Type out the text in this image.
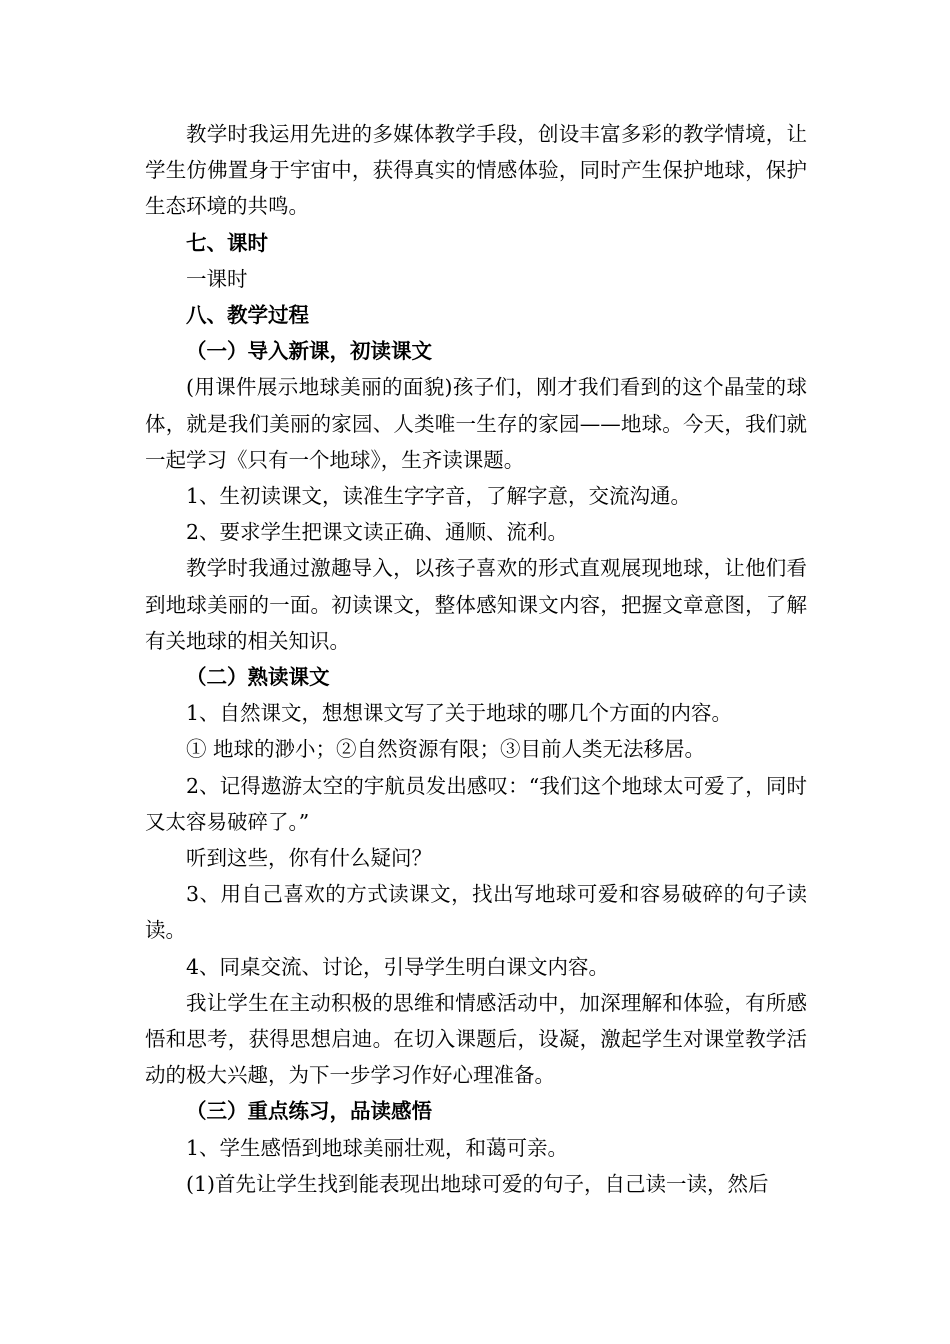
教学时我运用先进的多媒体教学手段，创设丰富多彩的教学情境，让学生仿佛置身于宇宙中，获得真实的情感体验，同时产生保护地球，保护生态环境的共鸣。

七、课时

一课时

八、教学过程

（一）导入新课，初读课文

(用课件展示地球美丽的面貌)孩子们，刚才我们看到的这个晶莹的球体，就是我们美丽的家园、人类唯一生存的家园——地球。今天，我们就一起学习《只有一个地球》，生齐读课题。

1、生初读课文，读准生字字音，了解字意，交流沟通。

2、要求学生把课文读正确、通顺、流利。

教学时我通过激趣导入，以孩子喜欢的形式直观展现地球，让他们看到地球美丽的一面。初读课文，整体感知课文内容，把握文章意图，了解有关地球的相关知识。

（二）熟读课文

1、自然课文，想想课文写了关于地球的哪几个方面的内容。

① 地球的渺小；②自然资源有限；③目前人类无法移居。

2、记得遨游太空的宇航员发出感叹：“我们这个地球太可爱了，同时又太容易破碎了。”

听到这些，你有什么疑问？

3、用自己喜欢的方式读课文，找出写地球可爱和容易破碎的句子读读。

4、同桌交流、讨论，引导学生明白课文内容。

我让学生在主动积极的思维和情感活动中，加深理解和体验，有所感悟和思考，获得思想启迪。在切入课题后，设凝，激起学生对课堂教学活动的极大兴趣，为下一步学习作好心理准备。

（三）重点练习，品读感悟

1、学生感悟到地球美丽壮观，和蔼可亲。

(1)首先让学生找到能表现出地球可爱的句子，自己读一读，然后
